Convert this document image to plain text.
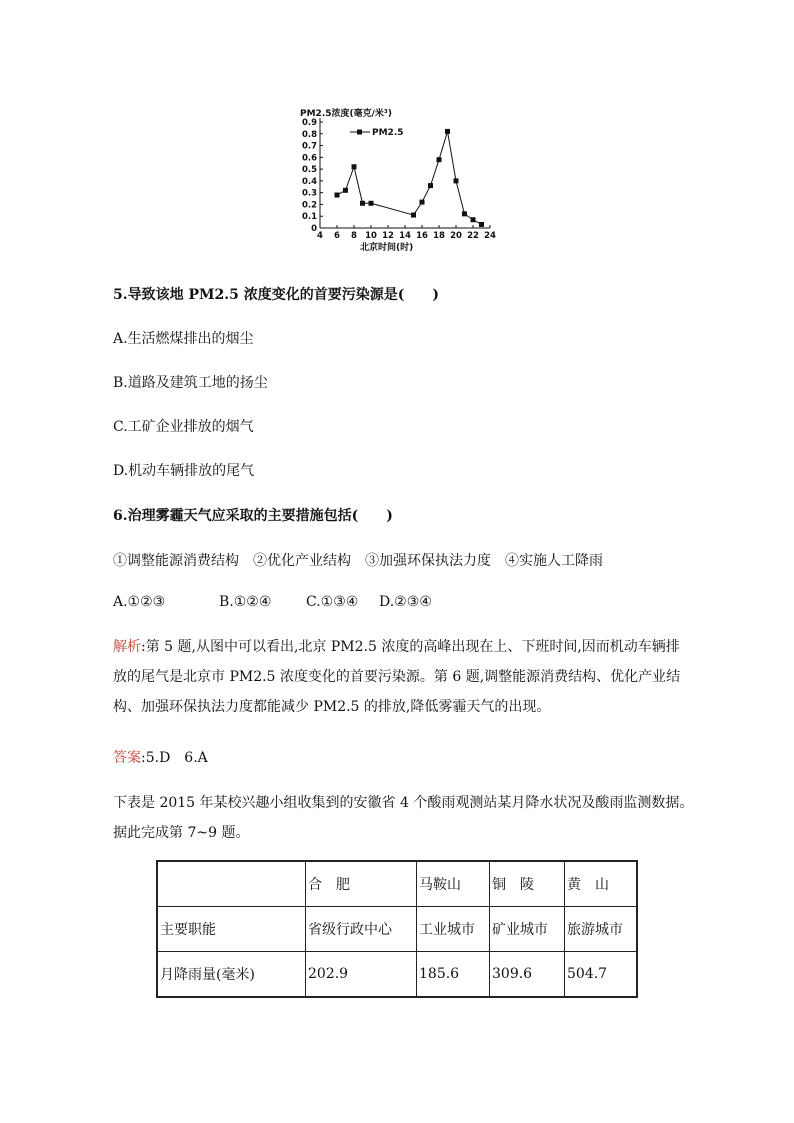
PM2.5浓度(毫克/米³)
北京时间(时)
0
0.1
0.2
0.3
0.4
0.5
0.6
0.7
0.8
0.9
4 6 8 10 12 14 16 18 20 22 24
PM2.5
5.导致该地 PM2.5 浓度变化的首要污染源是(　　)
A.生活燃煤排出的烟尘
B.道路及建筑工地的扬尘
C.工矿企业排放的烟气
D.机动车辆排放的尾气
6.治理雾霾天气应采取的主要措施包括(　　)
①调整能源消费结构　②优化产业结构　③加强环保执法力度　④实施人工降雨
A.①②③	B.①②④ C.①③④ D.②③④
解析:第 5 题,从图中可以看出,北京 PM2.5 浓度的高峰出现在上、下班时间,因而机动车辆排放的尾气是北京市 PM2.5 浓度变化的首要污染源。第 6 题,调整能源消费结构、优化产业结构、加强环保执法力度都能减少 PM2.5 的排放,降低雾霾天气的出现。
答案:5.D　6.A
下表是 2015 年某校兴趣小组收集到的安徽省 4 个酸雨观测站某月降水状况及酸雨监测数据。
据此完成第 7~9 题。
	合　肥	马鞍山	铜　陵	黄　山
主要职能	省级行政中心	工业城市	矿业城市	旅游城市
月降雨量(毫米)	202.9	185.6	309.6	504.7
